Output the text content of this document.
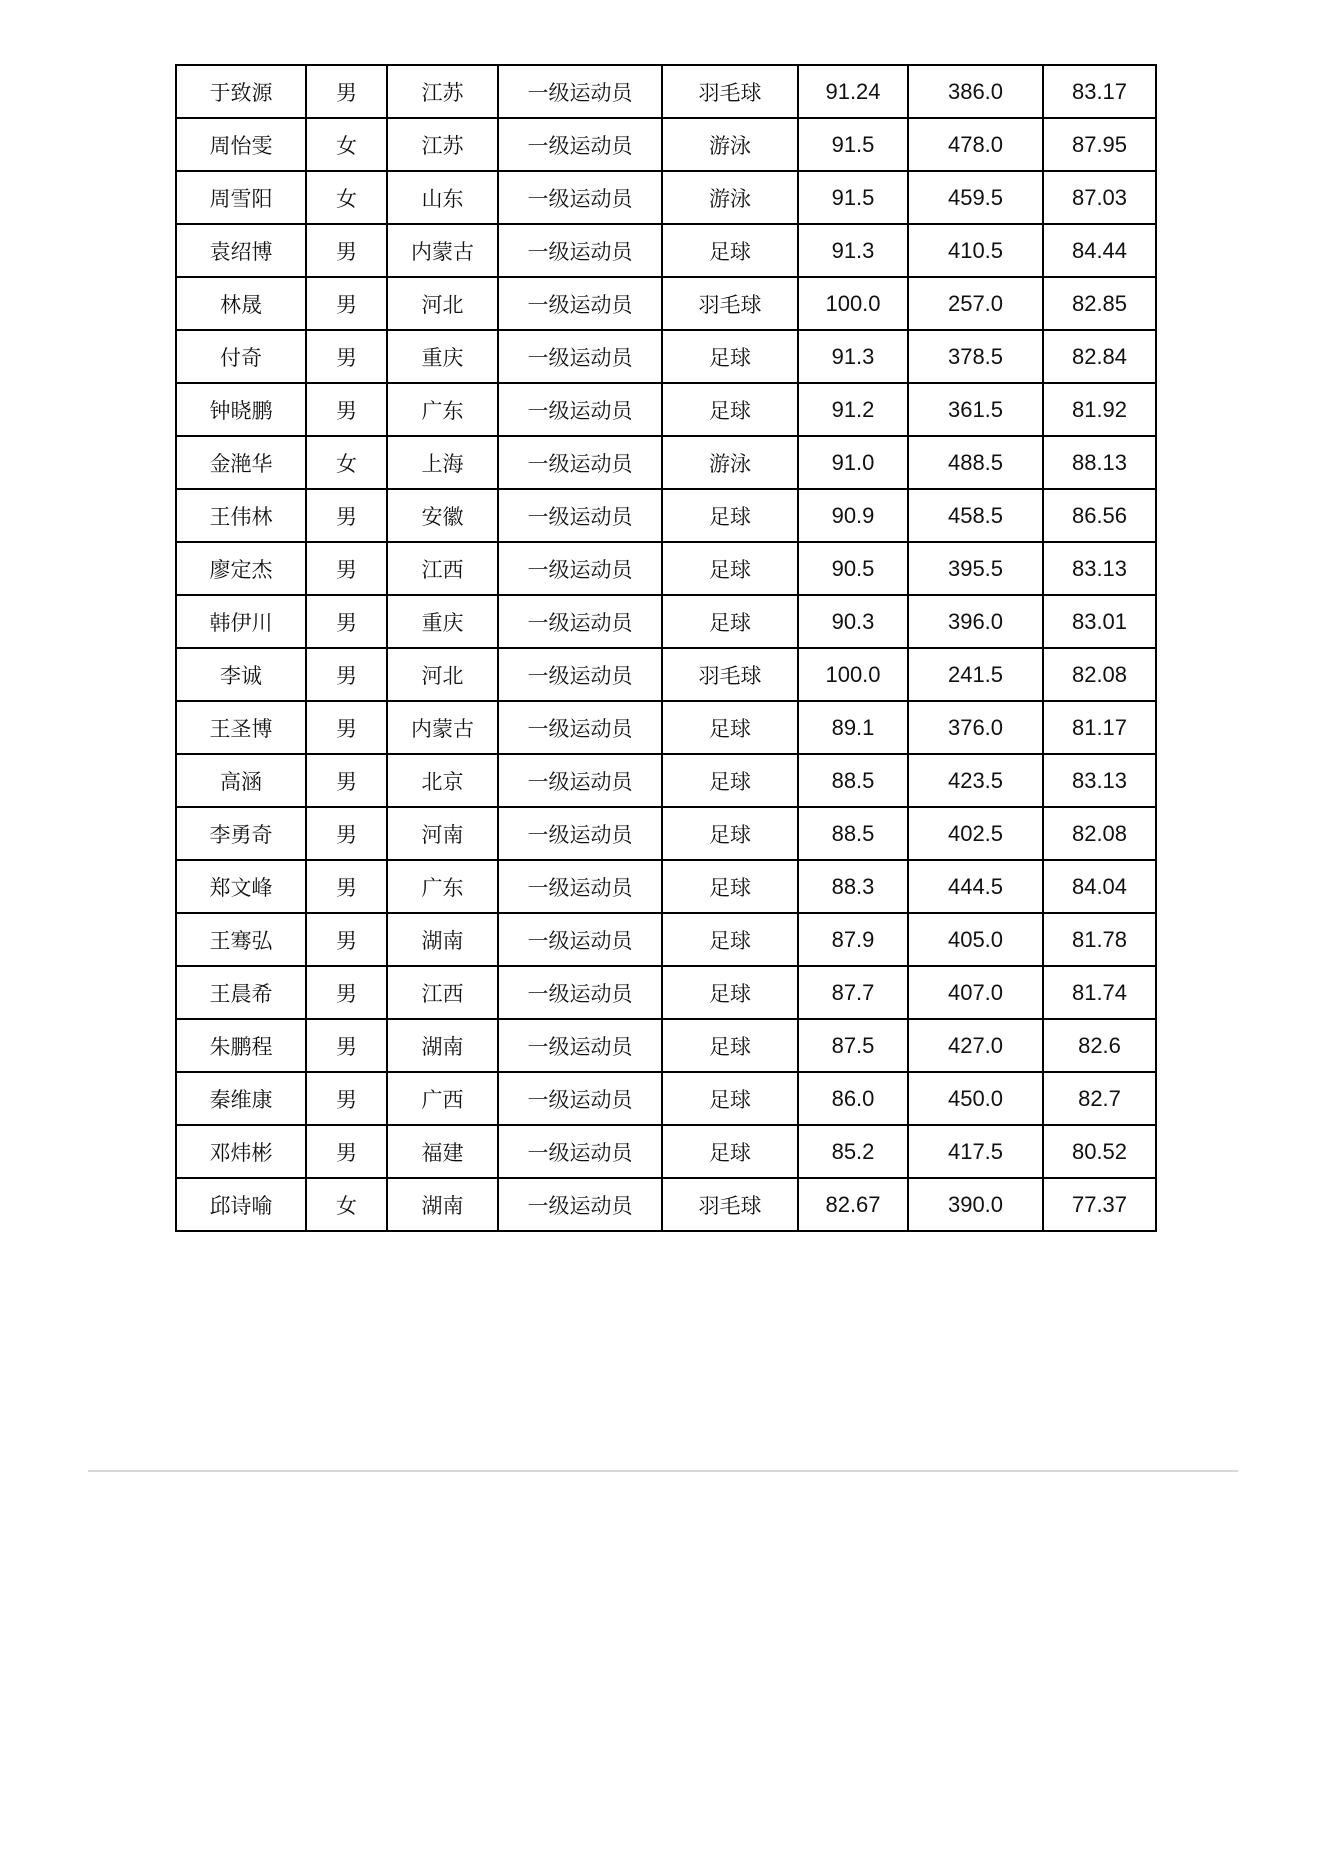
于致源	男	江苏	一级运动员	羽毛球	91.24	386.0	83.17
周怡雯	女	江苏	一级运动员	游泳	91.5	478.0	87.95
周雪阳	女	山东	一级运动员	游泳	91.5	459.5	87.03
袁绍博	男	内蒙古	一级运动员	足球	91.3	410.5	84.44
林晟	男	河北	一级运动员	羽毛球	100.0	257.0	82.85
付奇	男	重庆	一级运动员	足球	91.3	378.5	82.84
钟晓鹏	男	广东	一级运动员	足球	91.2	361.5	81.92
金滟华	女	上海	一级运动员	游泳	91.0	488.5	88.13
王伟林	男	安徽	一级运动员	足球	90.9	458.5	86.56
廖定杰	男	江西	一级运动员	足球	90.5	395.5	83.13
韩伊川	男	重庆	一级运动员	足球	90.3	396.0	83.01
李诚	男	河北	一级运动员	羽毛球	100.0	241.5	82.08
王圣博	男	内蒙古	一级运动员	足球	89.1	376.0	81.17
高涵	男	北京	一级运动员	足球	88.5	423.5	83.13
李勇奇	男	河南	一级运动员	足球	88.5	402.5	82.08
郑文峰	男	广东	一级运动员	足球	88.3	444.5	84.04
王骞弘	男	湖南	一级运动员	足球	87.9	405.0	81.78
王晨希	男	江西	一级运动员	足球	87.7	407.0	81.74
朱鹏程	男	湖南	一级运动员	足球	87.5	427.0	82.6
秦维康	男	广西	一级运动员	足球	86.0	450.0	82.7
邓炜彬	男	福建	一级运动员	足球	85.2	417.5	80.52
邱诗喻	女	湖南	一级运动员	羽毛球	82.67	390.0	77.37
